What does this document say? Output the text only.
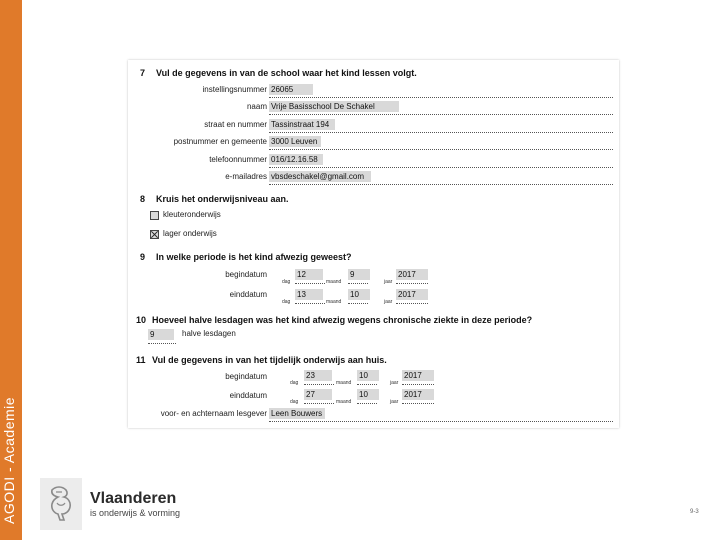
AGODI - Academie
7 Vul de gegevens in van de school waar het kind lessen volgt.
instellingsnummer 26065
naam Vrije Basisschool De Schakel
straat en nummer Tassinstraat 194
postnummer en gemeente 3000 Leuven
telefoonnummer 016/12.16.58
e-mailadres vbsdeschakel@gmail.com
8 Kruis het onderwijsniveau aan.
kleuteronderwijs
lager onderwijs
9 In welke periode is het kind afwezig geweest?
begindatum
dag
12
maand
9
jaar
2017
einddatum
dag
13
maand
10
jaar
2017
10 Hoeveel halve lesdagen was het kind afwezig wegens chronische ziekte in deze periode?
9	halve lesdagen
11 Vul de gegevens in van het tijdelijk onderwijs aan huis.
begindatum
dag
23
maand
10
jaar
2017
einddatum
dag
27
maand
10
jaar
2017
voor- en achternaam lesgever Leen Bouwers
Vlaanderen
is onderwijs & vorming	9-3
